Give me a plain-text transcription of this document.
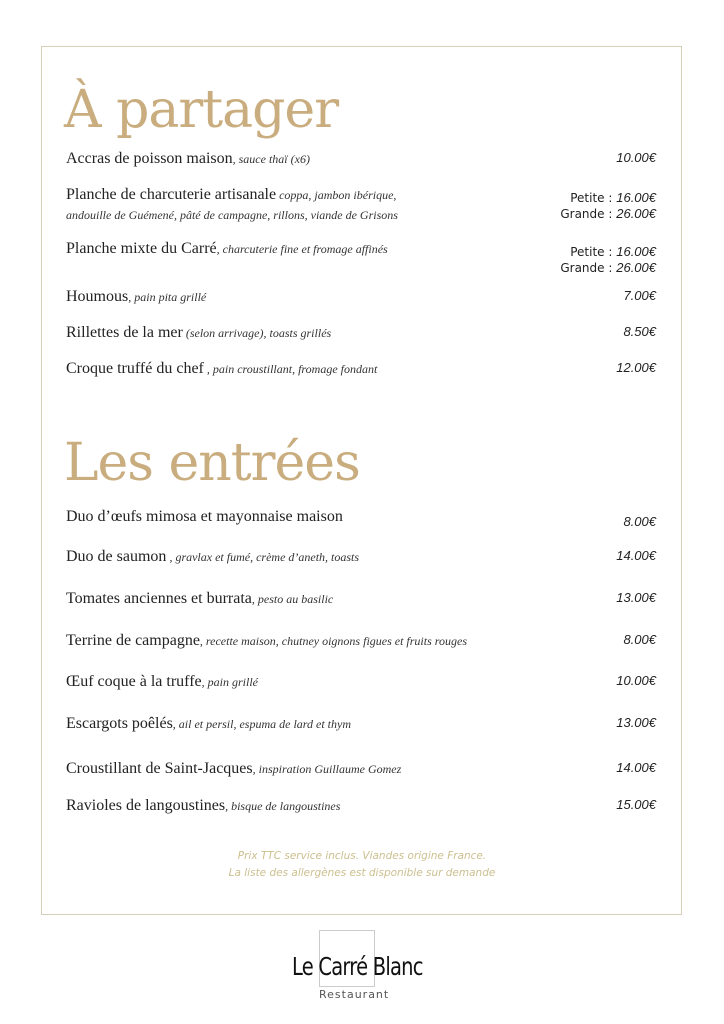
À partager
Accras de poisson maison, sauce thaï (x6)	10.00€
Planche de charcuterie artisanale coppa, jambon ibérique,
andouille de Guémené, pâté de campagne, rillons, viande de Grisons
Petite : 16.00€
Grande : 26.00€
Planche mixte du Carré, charcuterie fine et fromage affinés	Petite : 16.00€
Grande : 26.00€
Houmous, pain pita grillé	7.00€
Rillettes de la mer (selon arrivage), toasts grillés	8.50€
Croque truffé du chef , pain croustillant, fromage fondant	12.00€
Les entrées
Duo d’œufs mimosa et mayonnaise maison	8.00€
Duo de saumon , gravlax et fumé, crème d’aneth, toasts	14.00€
Tomates anciennes et burrata, pesto au basilic	13.00€
Terrine de campagne, recette maison, chutney oignons figues et fruits rouges	8.00€
Œuf coque à la truffe, pain grillé	10.00€
Escargots poêlés, ail et persil, espuma de lard et thym	13.00€
Croustillant de Saint-Jacques, inspiration Guillaume Gomez	14.00€
Ravioles de langoustines, bisque de langoustines	15.00€
Prix TTC service inclus. Viandes origine France.
La liste des allergènes est disponible sur demande
Le Carré Blanc
Restaurant
